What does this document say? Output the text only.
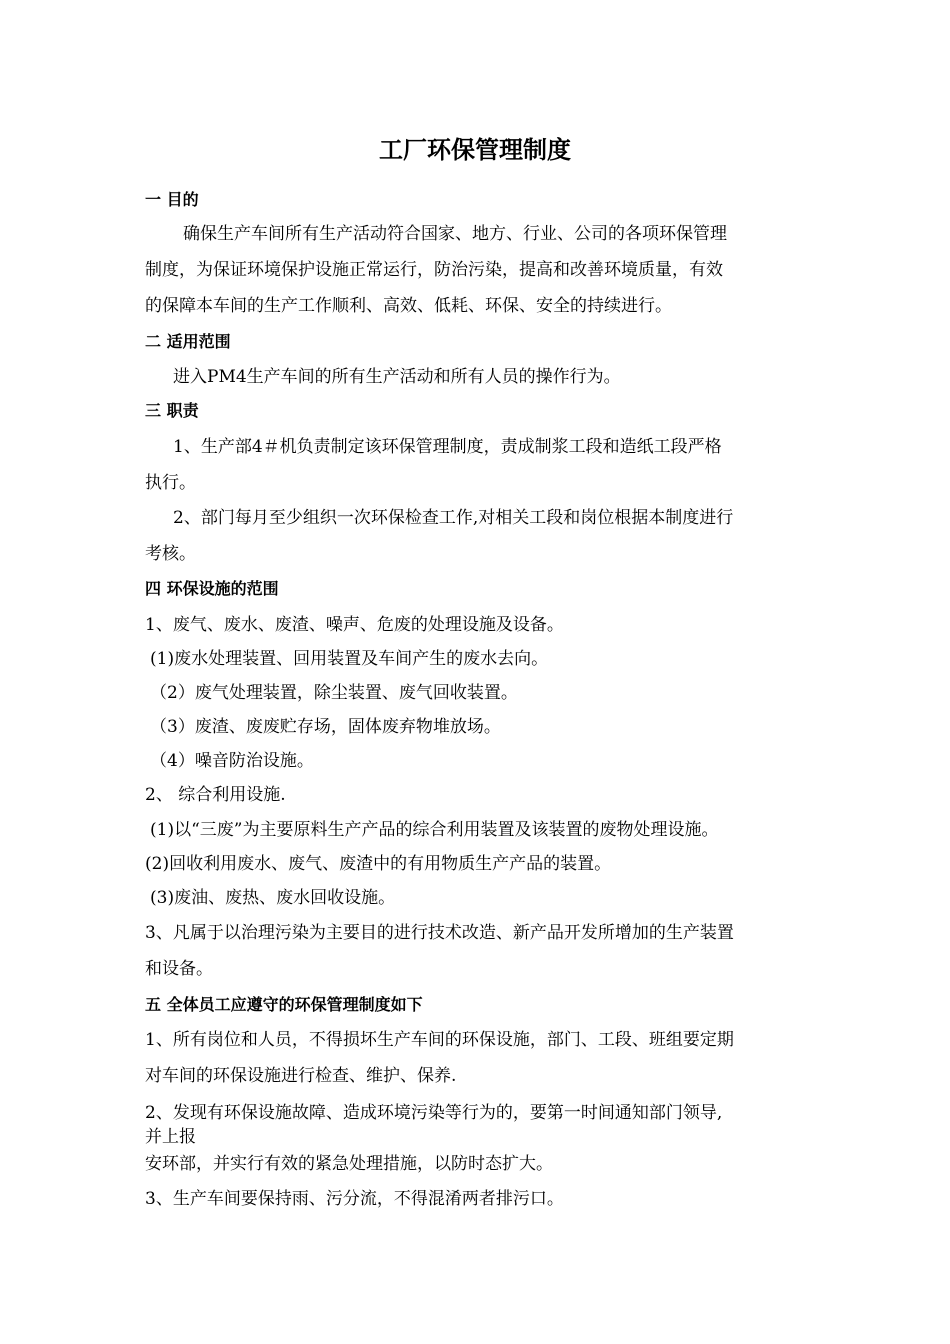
工厂环保管理制度
一 目的
确保生产车间所有生产活动符合国家、地方、行业、公司的各项环保管理
制度，为保证环境保护设施正常运行，防治污染，提高和改善环境质量，有效
的保障本车间的生产工作顺利、高效、低耗、环保、安全的持续进行。
二 适用范围
进入PM4生产车间的所有生产活动和所有人员的操作行为。
三 职责
1、生产部4＃机负责制定该环保管理制度，责成制浆工段和造纸工段严格
执行。
2、部门每月至少组织一次环保检查工作,对相关工段和岗位根据本制度进行
考核。
四 环保设施的范围
1、废气、废水、废渣、噪声、危废的处理设施及设备。
(1)废水处理装置、回用装置及车间产生的废水去向。
（2）废气处理装置，除尘装置、废气回收装置。
（3）废渣、废废贮存场，固体废弃物堆放场。
（4）噪音防治设施。
2、 综合利用设施.
(1)以“三废”为主要原料生产产品的综合利用装置及该装置的废物处理设施。
(2)回收利用废水、废气、废渣中的有用物质生产产品的装置。
(3)废油、废热、废水回收设施。
3、凡属于以治理污染为主要目的进行技术改造、新产品开发所增加的生产装置
和设备。
五 全体员工应遵守的环保管理制度如下
1、所有岗位和人员，不得损坏生产车间的环保设施，部门、工段、班组要定期
对车间的环保设施进行检查、维护、保养.
2、发现有环保设施故障、造成环境污染等行为的，要第一时间通知部门领导,
并上报
安环部，并实行有效的紧急处理措施，以防时态扩大。
3、生产车间要保持雨、污分流，不得混淆两者排污口。
